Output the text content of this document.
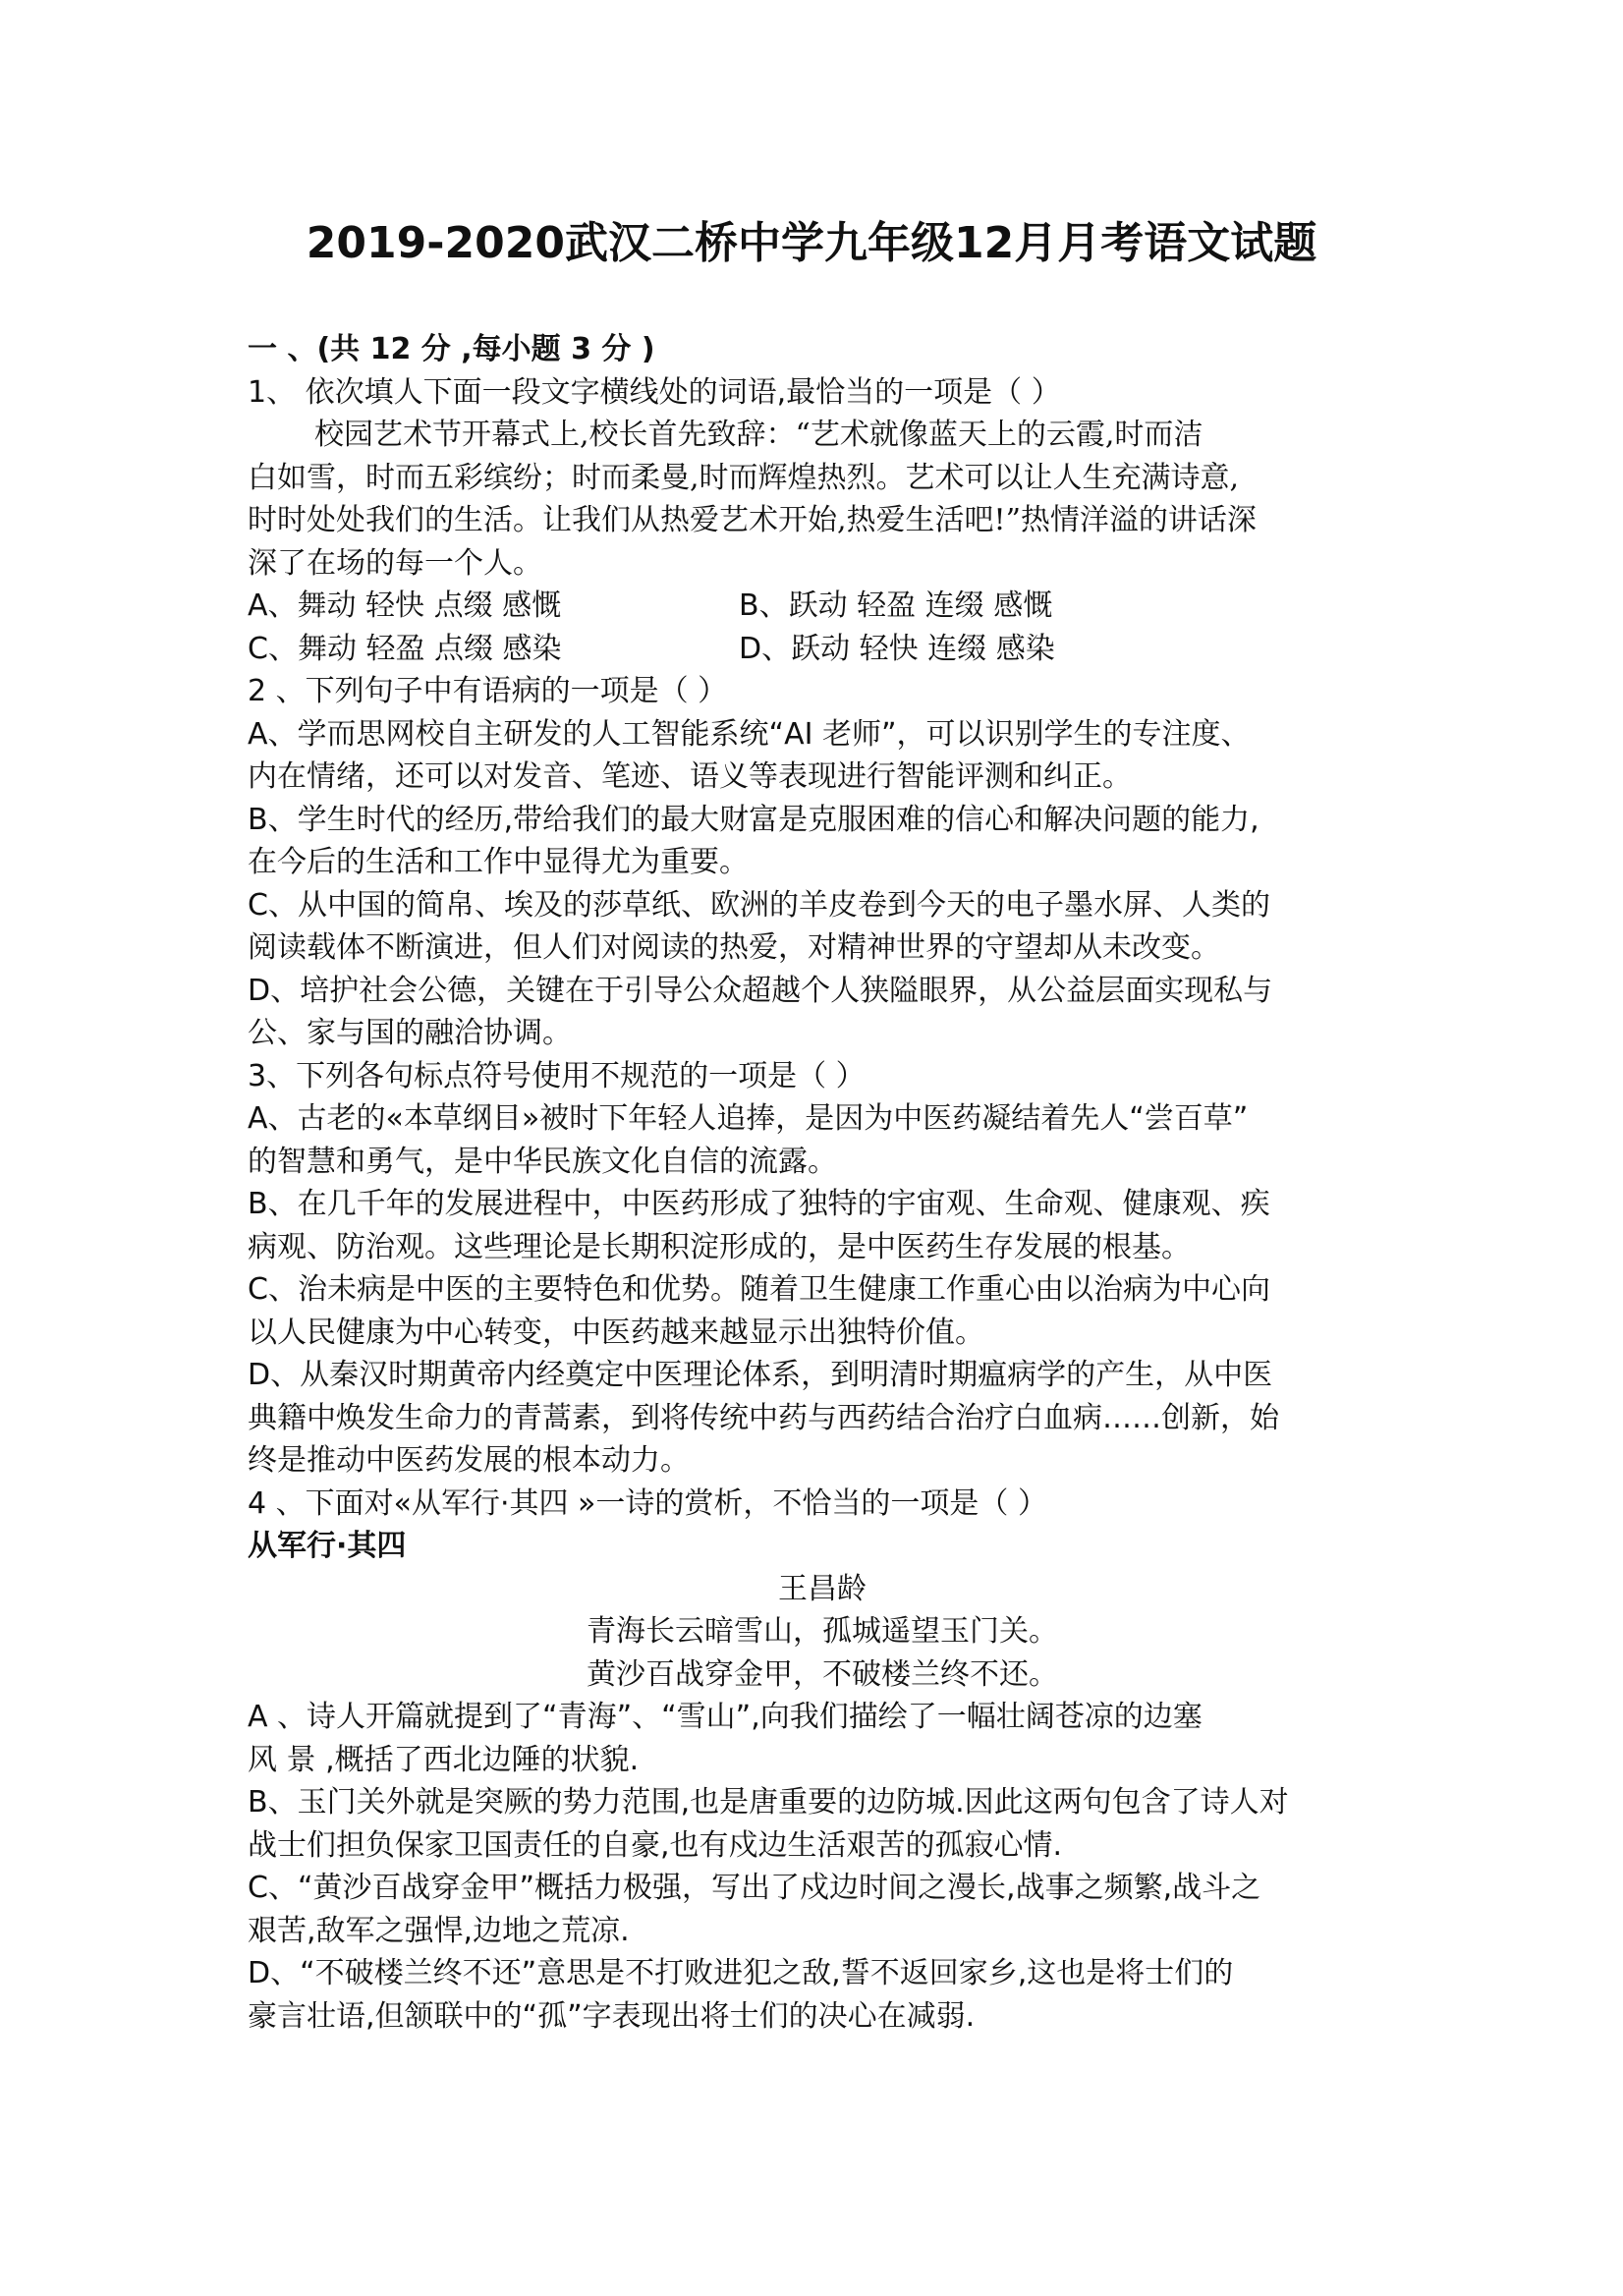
2019-2020武汉二桥中学九年级12月月考语文试题
一 、(共 12 分 ,每小题 3 分 )
1、 依次填人下面一段文字横线处的词语,最恰当的一项是（ ）
校园艺术节开幕式上,校长首先致辞：“艺术就像蓝天上的云霞,时而洁
白如雪，时而五彩缤纷；时而柔曼,时而辉煌热烈。艺术可以让人生充满诗意,
时时处处我们的生活。让我们从热爱艺术开始,热爱生活吧!”热情洋溢的讲话深
深了在场的每一个人。
A、舞动 轻快 点缀 感慨	B、跃动 轻盈 连缀 感慨
C、舞动 轻盈 点缀 感染	D、跃动 轻快 连缀 感染
2 、下列句子中有语病的一项是（ ）
A、学而思网校自主研发的人工智能系统“AI 老师”，可以识别学生的专注度、
内在情绪，还可以对发音、笔迹、语义等表现进行智能评测和纠正。
B、学生时代的经历,带给我们的最大财富是克服困难的信心和解决问题的能力,
在今后的生活和工作中显得尤为重要。
C、从中国的简帛、埃及的莎草纸、欧洲的羊皮卷到今天的电子墨水屏、人类的
阅读载体不断演进，但人们对阅读的热爱，对精神世界的守望却从未改变。
D、培护社会公德，关键在于引导公众超越个人狭隘眼界，从公益层面实现私与
公、家与国的融洽协调。
3、下列各句标点符号使用不规范的一项是（ ）
A、古老的«本草纲目»被时下年轻人追捧，是因为中医药凝结着先人“尝百草”
的智慧和勇气，是中华民族文化自信的流露。
B、在几千年的发展进程中，中医药形成了独特的宇宙观、生命观、健康观、疾
病观、防治观。这些理论是长期积淀形成的，是中医药生存发展的根基。
C、治未病是中医的主要特色和优势。随着卫生健康工作重心由以治病为中心向
以人民健康为中心转变，中医药越来越显示出独特价值。
D、从秦汉时期黄帝内经奠定中医理论体系，到明清时期瘟病学的产生，从中医
典籍中焕发生命力的青蒿素，到将传统中药与西药结合治疗白血病……创新，始
终是推动中医药发展的根本动力。
4 、下面对«从军行·其四 »一诗的赏析，不恰当的一项是（ ）
从军行·其四
王昌龄
青海长云暗雪山，孤城遥望玉门关。
黄沙百战穿金甲，不破楼兰终不还。
A 、诗人开篇就提到了“青海”、“雪山”,向我们描绘了一幅壮阔苍凉的边塞
风 景 ,概括了西北边陲的状貌.
B、玉门关外就是突厥的势力范围,也是唐重要的边防城.因此这两句包含了诗人对
战士们担负保家卫国责任的自豪,也有戍边生活艰苦的孤寂心情.
C、“黄沙百战穿金甲”概括力极强，写出了戍边时间之漫长,战事之频繁,战斗之
艰苦,敌军之强悍,边地之荒凉.
D、“不破楼兰终不还”意思是不打败进犯之敌,誓不返回家乡,这也是将士们的
豪言壮语,但颔联中的“孤”字表现出将士们的决心在减弱.
